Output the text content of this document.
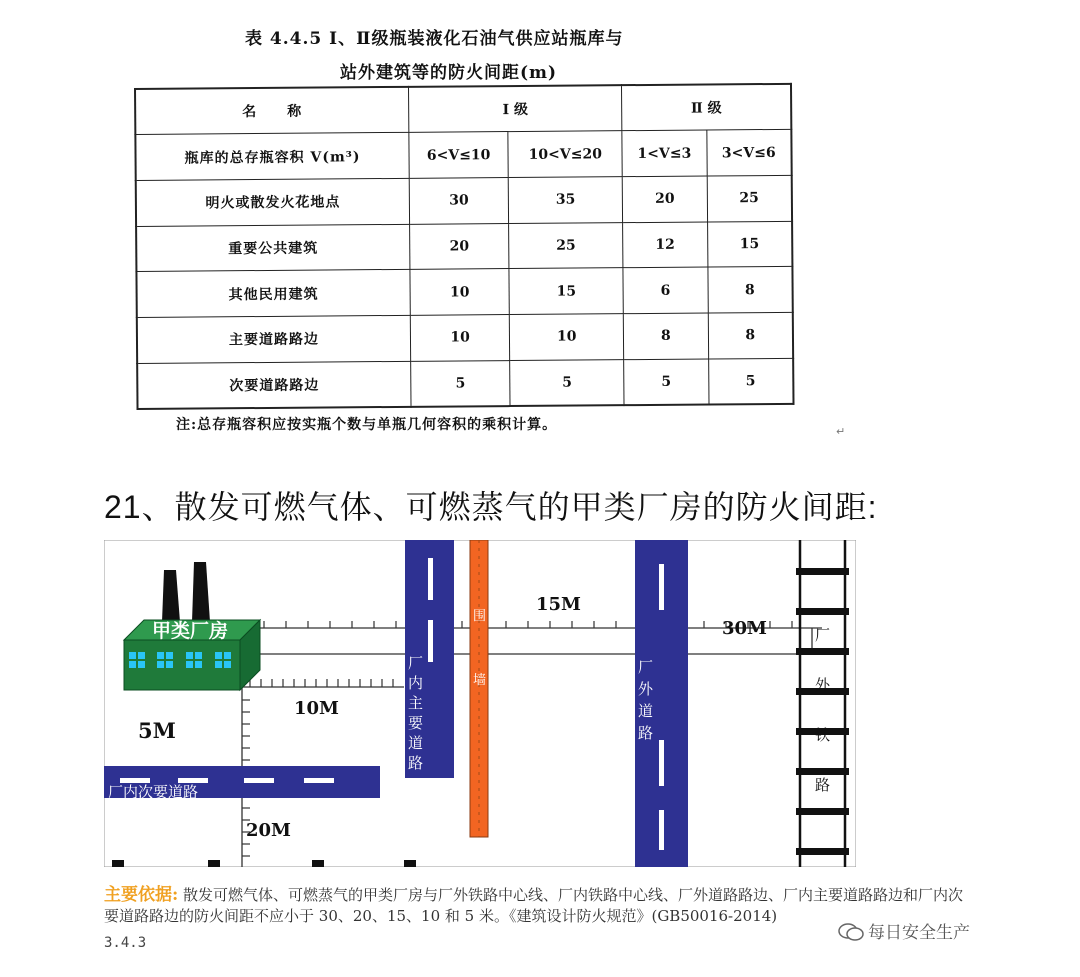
表 4.4.5 Ⅰ、Ⅱ级瓶装液化石油气供应站瓶库与
站外建筑等的防火间距(m)
名　　称	Ⅰ 级		Ⅱ 级	
瓶库的总存瓶容积 V(m³)	6<V≤10	10<V≤20	1<V≤3	3<V≤6
明火或散发火花地点	30	35	20	25
重要公共建筑	20	25	12	15
其他民用建筑	10	15	6	8
主要道路路边	10	10	8	8
次要道路路边	5	5	5	5
注:总存瓶容积应按实瓶个数与单瓶几何容积的乘积计算。	↵
21、散发可燃气体、可燃蒸气的甲类厂房的防火间距:
甲类厂房
厂内次要道路
厂内主要道路
围墙
厂外道路
厂外铁路
5M
10M
15M
20M
30M
主要依据: 散发可燃气体、可燃蒸气的甲类厂房与厂外铁路中心线、厂内铁路中心线、厂外道路路边、厂内主要道路路边和厂内次要道路路边的防火间距不应小于 30、20、15、10 和 5 米。《建筑设计防火规范》(GB50016-2014)
3.4.3
每日安全生产
